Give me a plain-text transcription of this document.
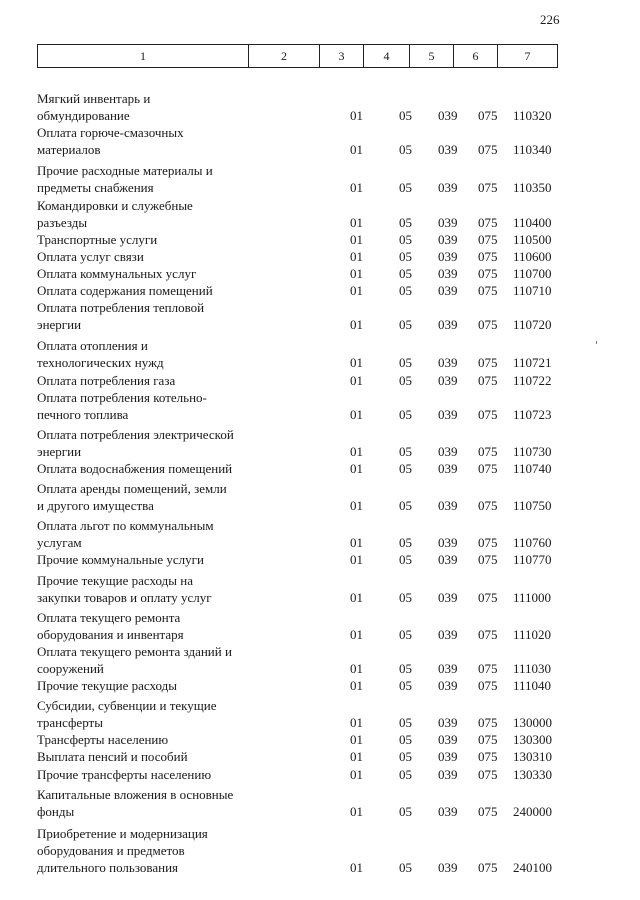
226
1	2	3	4	5	6	7
Мягкий инвентарь и
обмундирование	01	05 039 075 110320
Оплата горюче-смазочных
материалов	01	05 039 075 110340
Прочие расходные материалы и
предметы снабжения	01	05 039 075 110350
Командировки и служебные
разъезды	01	05 039 075 110400
Транспортные услуги	01	05 039 075 110500
Оплата услуг связи	01	05 039 075 110600
Оплата коммунальных услуг	01	05 039 075 110700
Оплата содержания помещений	01	05 039 075 110710
Оплата потребления тепловой
энергии	01	05 039 075 110720
Оплата отопления и
технологических нужд	01	05 039 075 110721
Оплата потребления газа	01	05 039 075 110722
Оплата потребления котельно-
печного топлива	01	05 039 075 110723
Оплата потребления электрической
энергии	01	05 039 075 110730
Оплата водоснабжения помещений	01	05 039 075 110740
Оплата аренды помещений, земли
и другого имущества	01	05 039 075 110750
Оплата льгот по коммунальным
услугам	01	05 039 075 110760
Прочие коммунальные услуги	01	05 039 075 110770
Прочие текущие расходы на
закупки товаров и оплату услуг	01	05 039 075 111000
Оплата текущего ремонта
оборудования и инвентаря	01	05 039 075 111020
Оплата текущего ремонта зданий и
сооружений	01	05 039 075 111030
Прочие текущие расходы	01	05 039 075 111040
Субсидии, субвенции и текущие
трансферты	01	05 039 075 130000
Трансферты населению	01	05 039 075 130300
Выплата пенсий и пособий	01	05 039 075 130310
Прочие трансферты населению	01	05 039 075 130330
Капитальные вложения в основные
фонды	01	05 039 075 240000
Приобретение и модернизация
оборудования и предметов
длительного пользования	01	05 039 075 240100
